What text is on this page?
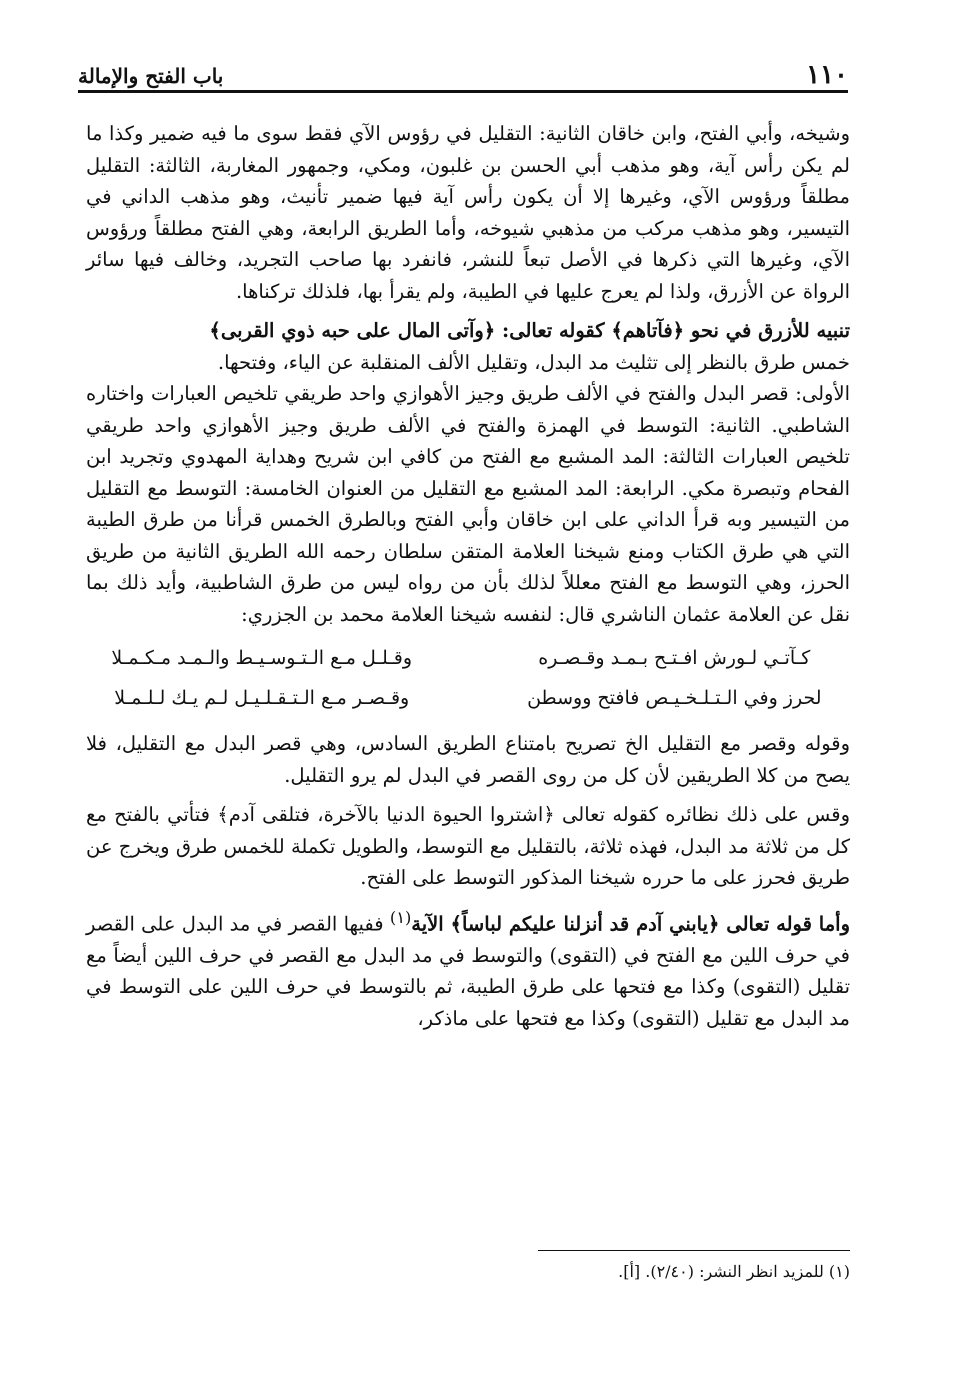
١١٠
باب الفتح والإمالة

وشيخه، وأبي الفتح، وابن خاقان الثانية: التقليل في رؤوس الآي فقط سوى ما فيه ضمير وكذا ما لم يكن رأس آية، وهو مذهب أبي الحسن بن غلبون، ومكي، وجمهور المغاربة، الثالثة: التقليل مطلقاً ورؤوس الآي، وغيرها إلا أن يكون رأس آية فيها ضمير تأنيث، وهو مذهب الداني في التيسير، وهو مذهب مركب من مذهبي شيوخه، وأما الطريق الرابعة، وهي الفتح مطلقاً ورؤوس الآي، وغيرها التي ذكرها في الأصل تبعاً للنشر، فانفرد بها صاحب التجريد، وخالف فيها سائر الرواة عن الأزرق، ولذا لم يعرج عليها في الطيبة، ولم يقرأ بها، فلذلك تركناها.

تنبيه للأزرق في نحو ﴿فآتاهم﴾ كقوله تعالى: ﴿وآتى المال على حبه ذوي القربى﴾

خمس طرق بالنظر إلى تثليث مد البدل، وتقليل الألف المنقلبة عن الياء، وفتحها.

الأولى: قصر البدل والفتح في الألف طريق وجيز الأهوازي واحد طريقي تلخيص العبارات واختاره الشاطبي. الثانية: التوسط في الهمزة والفتح في الألف طريق وجيز الأهوازي واحد طريقي تلخيص العبارات الثالثة: المد المشبع مع الفتح من كافي ابن شريح وهداية المهدوي وتجريد ابن الفحام وتبصرة مكي. الرابعة: المد المشبع مع التقليل من العنوان الخامسة: التوسط مع التقليل من التيسير وبه قرأ الداني على ابن خاقان وأبي الفتح وبالطرق الخمس قرأنا من طرق الطيبة التي هي طرق الكتاب ومنع شيخنا العلامة المتقن سلطان رحمه الله الطريق الثانية من طريق الحرز، وهي التوسط مع الفتح معللاً لذلك بأن من رواه ليس من طرق الشاطبية، وأيد ذلك بما نقل عن العلامة عثمان الناشري قال: لنفسه شيخنا العلامة محمد بن الجزري:

كـآتـي لـورش افـتـح بـمـد وقـصـره
وقـلـل مـع الـتـوسـيـط والـمـد مـكـمـلا
لحرز وفي الـتـلـخـيـص فافتح ووسطن
وقـصـر مـع الـتـقـلـيـل لـم يـك لـلـمـلا

وقوله وقصر مع التقليل الخ تصريح بامتناع الطريق السادس، وهي قصر البدل مع التقليل، فلا يصح من كلا الطريقين لأن كل من روى القصر في البدل لم يرو التقليل.

وقس على ذلك نظائره كقوله تعالى ﴿اشتروا الحيوة الدنيا بالآخرة، فتلقى آدم﴾ فتأتي بالفتح مع كل من ثلاثة مد البدل، فهذه ثلاثة، بالتقليل مع التوسط، والطويل تكملة للخمس طرق ويخرج عن طريق فحرز على ما حرره شيخنا المذكور التوسط على الفتح.

وأما قوله تعالى ﴿يابني آدم قد أنزلنا عليكم لباساً﴾ الآية$^{(١)}$ ففيها القصر في مد البدل على القصر في حرف اللين مع الفتح في (التقوى) والتوسط في مد البدل مع القصر في حرف اللين أيضاً مع تقليل (التقوى) وكذا مع فتحها على طرق الطيبة، ثم بالتوسط في حرف اللين على التوسط في مد البدل مع تقليل (التقوى) وكذا مع فتحها على ماذكر،

(١) للمزيد انظر النشر: (٢/٤٠). [أ].
